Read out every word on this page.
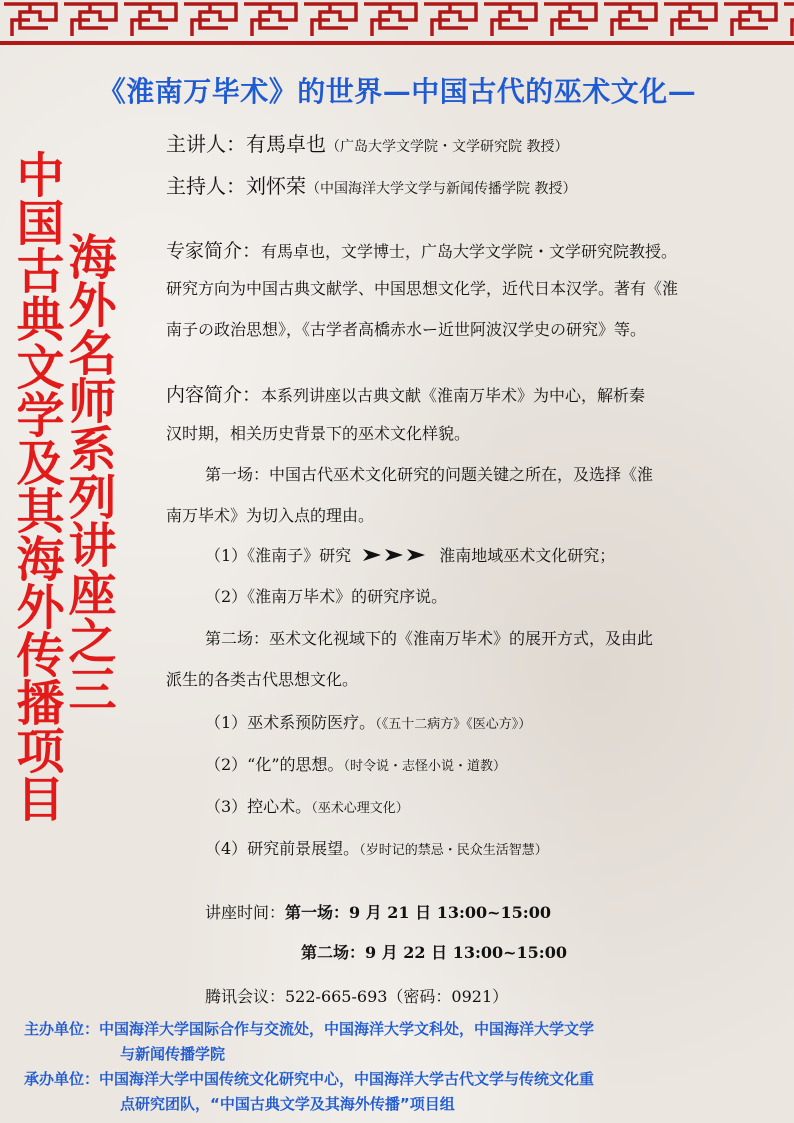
《淮南万毕术》的世界—中国古代的巫术文化—
中国古典文学及其海外传播项目
海外名师系列讲座之三
主讲人：有馬卓也（广岛大学文学院・文学研究院 教授）
主持人：刘怀荣（中国海洋大学文学与新闻传播学院 教授）
专家简介：有馬卓也，文学博士，广岛大学文学院・文学研究院教授。
研究方向为中国古典文献学、中国思想文化学，近代日本汉学。著有《淮
南子の政治思想》，《古学者高橋赤水ー近世阿波汉学史の研究》等。
内容简介：本系列讲座以古典文献《淮南万毕术》为中心，解析秦
汉时期，相关历史背景下的巫术文化样貌。
第一场：中国古代巫术文化研究的问题关键之所在，及选择《淮
南万毕术》为切入点的理由。
（1）《淮南子》研究	淮南地域巫术文化研究；
（2）《淮南万毕术》的研究序说。
第二场：巫术文化视域下的《淮南万毕术》的展开方式，及由此
派生的各类古代思想文化。
（1）巫术系预防医疗。（《五十二病方》《医心方》）
（2）“化”的思想。（时令说・志怪小说・道教）
（3）控心术。（巫术心理文化）
（4）研究前景展望。（岁时记的禁忌・民众生活智慧）
讲座时间：第一场：9 月 21 日 13:00~15:00
第二场：9 月 22 日 13:00~15:00
腾讯会议：522-665-693（密码：0921）
主办单位：中国海洋大学国际合作与交流处，中国海洋大学文科处，中国海洋大学文学
与新闻传播学院
承办单位：中国海洋大学中国传统文化研究中心，中国海洋大学古代文学与传统文化重
点研究团队，“中国古典文学及其海外传播”项目组
